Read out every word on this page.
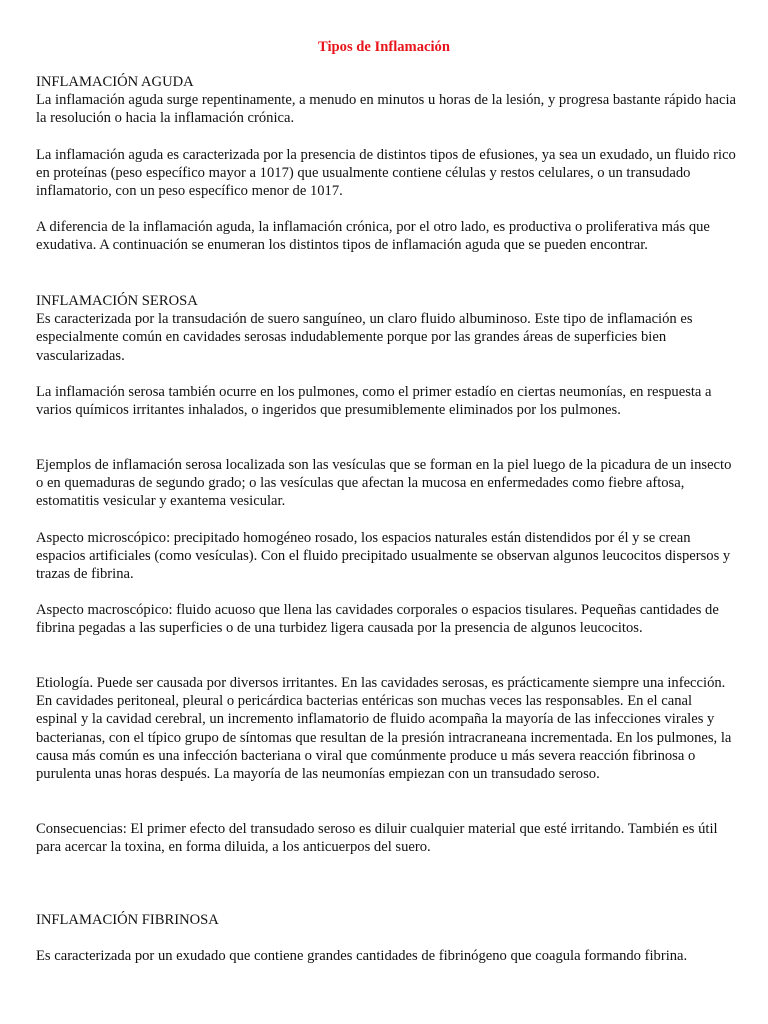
Tipos de Inflamación
INFLAMACIÓN AGUDA

La inflamación aguda surge repentinamente, a menudo en minutos u horas de la lesión, y progresa bastante rápido hacia la resolución o hacia la inflamación crónica.

La inflamación aguda es caracterizada por la presencia de distintos tipos de efusiones, ya sea un exudado, un fluido rico en proteínas (peso específico mayor a 1017) que usualmente contiene células y restos celulares, o un transudado inflamatorio, con un peso específico menor de 1017.

A diferencia de la inflamación aguda, la inflamación crónica, por el otro lado, es productiva o proliferativa más que exudativa. A continuación se enumeran los distintos tipos de inflamación aguda que se pueden encontrar.

INFLAMACIÓN SEROSA

Es caracterizada por la transudación de suero sanguíneo, un claro fluido albuminoso. Este tipo de inflamación es especialmente común en cavidades serosas indudablemente porque por las grandes áreas de superficies bien vascularizadas.

La inflamación serosa también ocurre en los pulmones, como el primer estadío en ciertas neumonías, en respuesta a varios químicos irritantes inhalados, o ingeridos que presumiblemente eliminados por los pulmones.

Ejemplos de inflamación serosa localizada son las vesículas que se forman en la piel luego de la picadura de un insecto o en quemaduras de segundo grado; o las vesículas que afectan la mucosa en enfermedades como fiebre aftosa, estomatitis vesicular y exantema vesicular.

Aspecto microscópico: precipitado homogéneo rosado, los espacios naturales están distendidos por él y se crean espacios artificiales (como vesículas). Con el fluido precipitado usualmente se observan algunos leucocitos dispersos y trazas de fibrina.

Aspecto macroscópico: fluido acuoso que llena las cavidades corporales o espacios tisulares. Pequeñas cantidades de fibrina pegadas a las superficies o de una turbidez ligera causada por la presencia de algunos leucocitos.

Etiología. Puede ser causada por diversos irritantes. En las cavidades serosas, es prácticamente siempre una infección. En cavidades peritoneal, pleural o pericárdica bacterias entéricas son muchas veces las responsables. En el canal espinal y la cavidad cerebral, un incremento inflamatorio de fluido acompaña la mayoría de las infecciones virales y bacterianas, con el típico grupo de síntomas que resultan de la presión intracraneana incrementada. En los pulmones, la causa más común es una infección bacteriana o viral que comúnmente produce u más severa reacción fibrinosa o purulenta unas horas después. La mayoría de las neumonías empiezan con un transudado seroso.

Consecuencias: El primer efecto del transudado seroso es diluir cualquier material que esté irritando. También es útil para acercar la toxina, en forma diluida, a los anticuerpos del suero.

INFLAMACIÓN FIBRINOSA

Es caracterizada por un exudado que contiene grandes cantidades de fibrinógeno que coagula formando fibrina.
